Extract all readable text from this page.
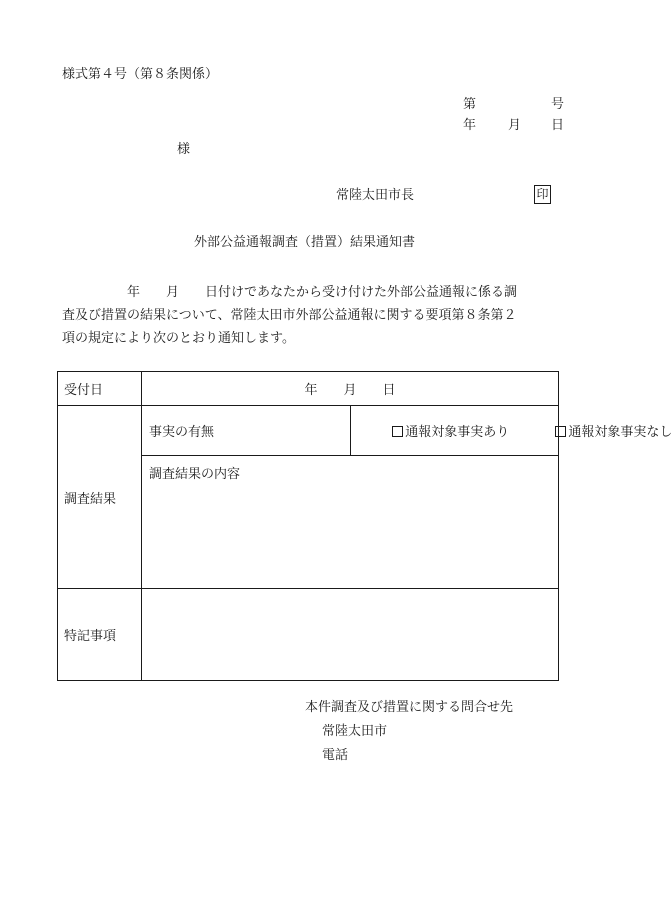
様式第４号（第８条関係）
第	号
年 月 日
様
常陸太田市長	印
外部公益通報調査（措置）結果通知書
　　　　　年　　月　　日付けであなたから受け付けた外部公益通報に係る調
査及び措置の結果について、常陸太田市外部公益通報に関する要項第８条第２
項の規定により次のとおり通知します。
受付日	年　　月　　日	
調査結果	事実の有無	通報対象事実あり 通報対象事実なし

	調査結果の内容	
特記事項		
本件調査及び措置に関する問合せ先
常陸太田市
電話
